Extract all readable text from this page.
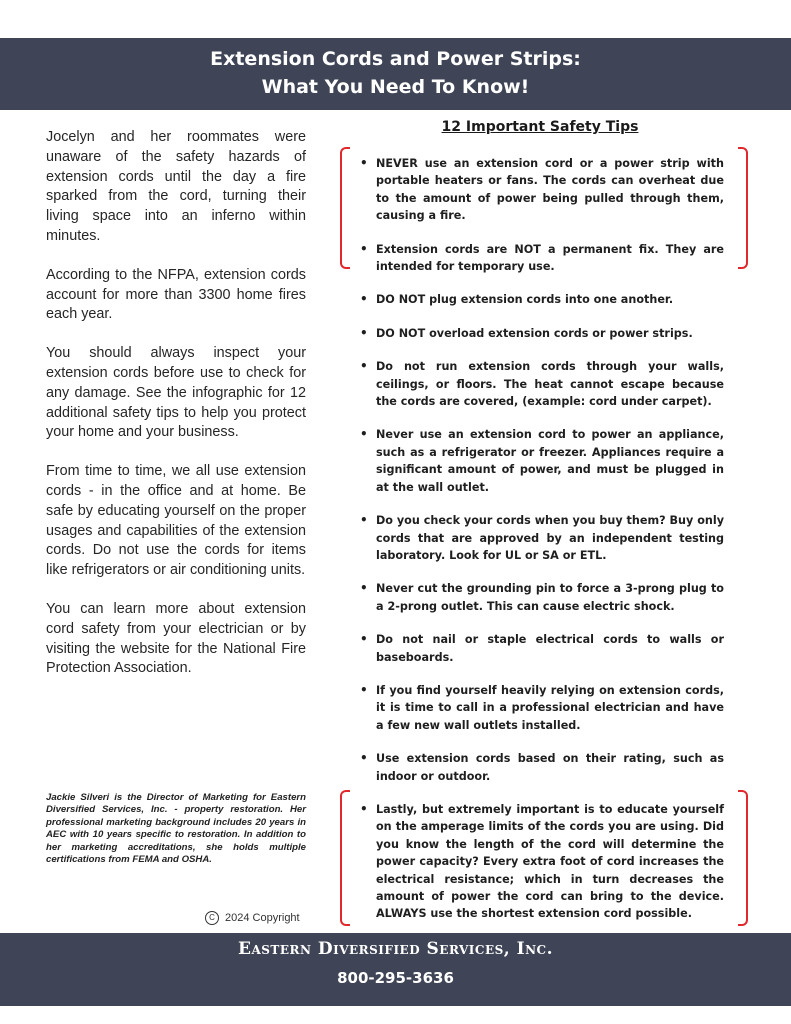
Extension Cords and Power Strips:
What You Need To Know!

Jocelyn and her roommates were unaware of the safety hazards of extension cords until the day a fire sparked from the cord, turning their living space into an inferno within minutes.

According to the NFPA, extension cords account for more than 3300 home fires each year.

You should always inspect your extension cords before use to check for any damage. See the infographic for 12 additional safety tips to help you protect your home and your business.

From time to time, we all use extension cords - in the office and at home. Be safe by educating yourself on the proper usages and capabilities of the extension cords. Do not use the cords for items like refrigerators or air conditioning units.

You can learn more about extension cord safety from your electrician or by visiting the website for the National Fire Protection Association.

Jackie Silveri is the Director of Marketing for Eastern Diversified Services, Inc. - property restoration. Her professional marketing background includes 20 years in AEC with 10 years specific to restoration. In addition to her marketing accreditations, she holds multiple certifications from FEMA and OSHA.
C 2024 Copyright
12 Important Safety Tips
• NEVER use an extension cord or a power strip with portable heaters or fans. The cords can overheat due to the amount of power being pulled through them, causing a fire.
• Extension cords are NOT a permanent fix. They are intended for temporary use.
• DO NOT plug extension cords into one another.
• DO NOT overload extension cords or power strips.
• Do not run extension cords through your walls, ceilings, or floors. The heat cannot escape because the cords are covered, (example: cord under carpet).
• Never use an extension cord to power an appliance, such as a refrigerator or freezer. Appliances require a significant amount of power, and must be plugged in at the wall outlet.
• Do you check your cords when you buy them? Buy only cords that are approved by an independent testing laboratory. Look for UL or SA or ETL.
• Never cut the grounding pin to force a 3-prong plug to a 2-prong outlet. This can cause electric shock.
• Do not nail or staple electrical cords to walls or baseboards.
• If you find yourself heavily relying on extension cords, it is time to call in a professional electrician and have a few new wall outlets installed.
• Use extension cords based on their rating, such as indoor or outdoor.
• Lastly, but extremely important is to educate yourself on the amperage limits of the cords you are using. Did you know the length of the cord will determine the power capacity? Every extra foot of cord increases the electrical resistance; which in turn decreases the amount of power the cord can bring to the device. ALWAYS use the shortest extension cord possible.
Eastern Diversified Services, Inc.
800-295-3636
